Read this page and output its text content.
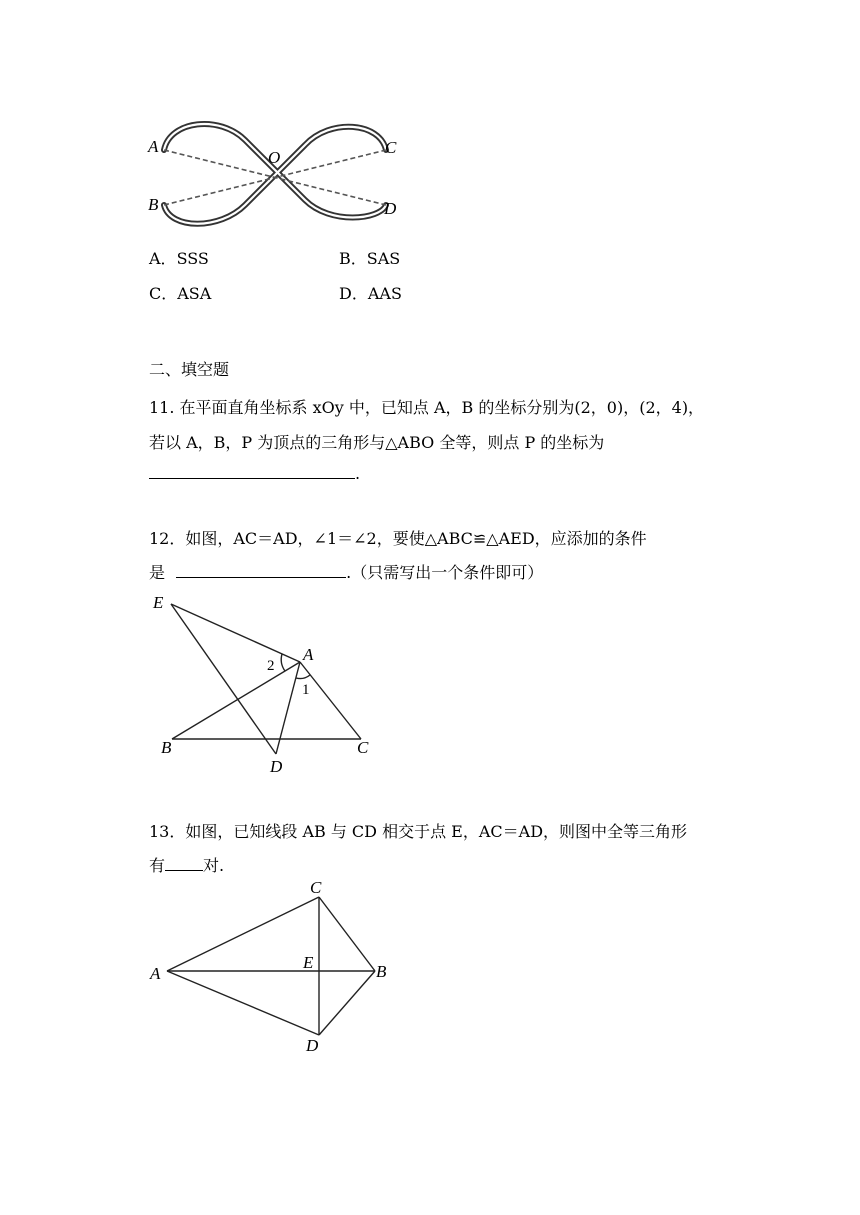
A
B
C
D
O
A．SSS	B．SAS
C．ASA	D．AAS
二、填空题
11. 在平面直角坐标系 xOy 中，已知点 A，B 的坐标分别为(2，0)，(2，4)，
若以 A，B，P 为顶点的三角形与△ABO 全等，则点 P 的坐标为
.
12．如图，AC＝AD，∠1＝∠2，要使△ABC≌△AED，应添加的条件
是	.（只需写出一个条件即可）
E
A
B	C
D
1
2
13．如图，已知线段 AB 与 CD 相交于点 E，AC＝AD，则图中全等三角形
有 对.
A	B
C
D
E
